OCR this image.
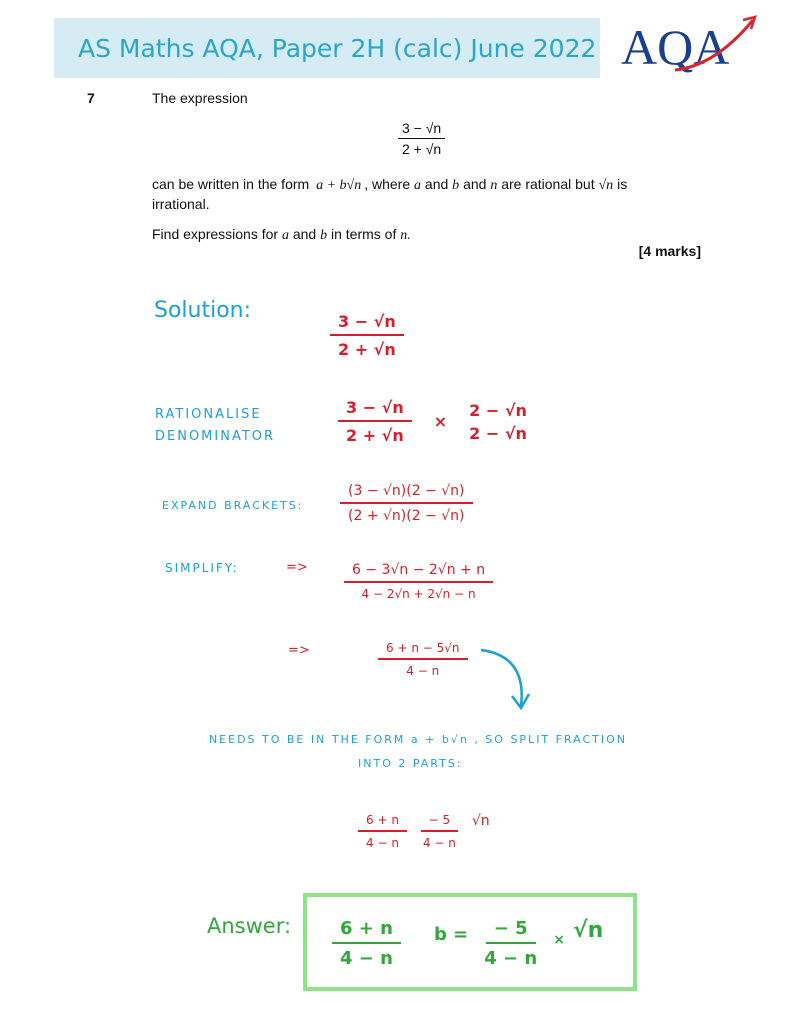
AS Maths AQA, Paper 2H (calc) June 2022 AQA
7	The expression
$\frac{3 - √n}{2 + √n}$
can be written in the form a + b√n , where a and b and n are rational but √n is
irrational.
Find expressions for a and b in terms of n.
[4 marks]
Solution:
$\frac{3 - √n}{2 + √n}$
RATIONALISE
DENOMINATOR	$\frac{3 - √n}{2 + √n}$ ×
2 − √n
2 − √n
EXPAND BRACKETS:	$\frac{(3 - √n)(2 - √n)}{(2 + √n)(2 - √n)}$
SIMPLIFY:	=>	$\frac{6 - 3√n - 2√n + n}{4 - 2√n + 2√n - n}$
=>	$\frac{6 + n - 5√n}{4 - n}$
NEEDS TO BE IN THE FORM a + b√n , SO SPLIT FRACTION
INTO 2 PARTS:
$\frac{6 + n}{4 - n} \frac{- 5}{4 - n} √n$
Answer: $\frac{6 + n}{4 - n}$ $b = \frac{- 5}{4 - n} \times √n$
